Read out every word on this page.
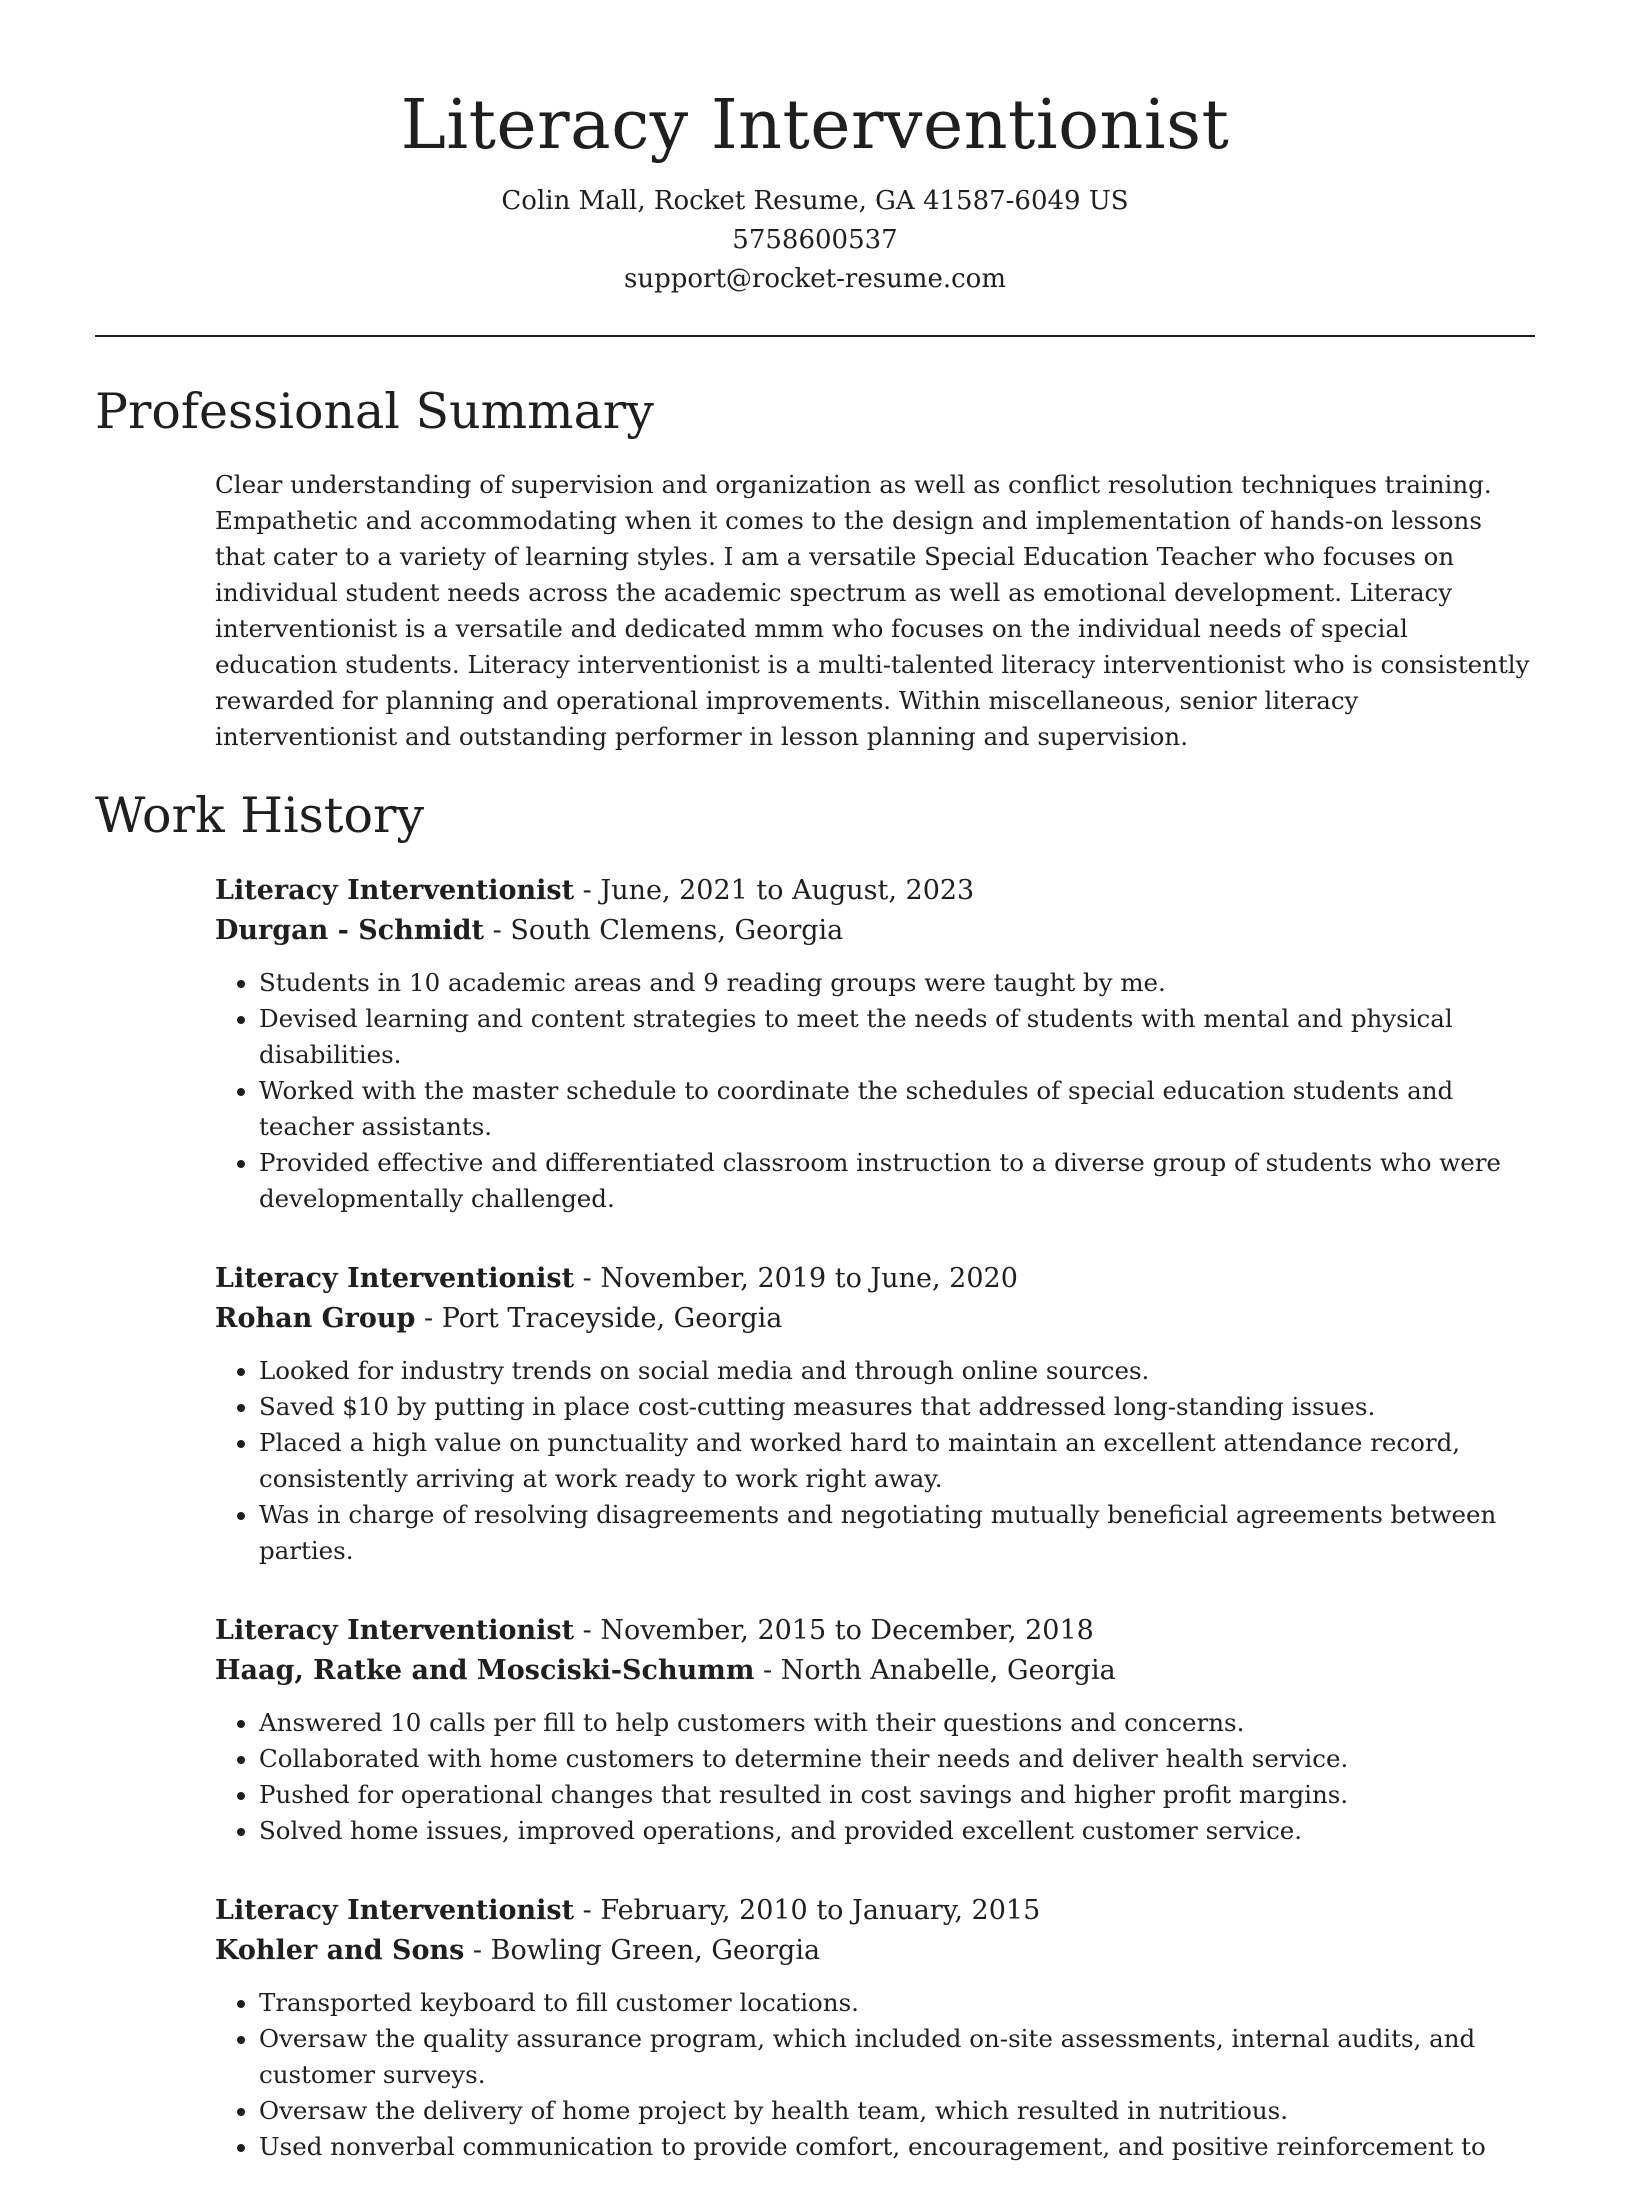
Literacy Interventionist
Colin Mall, Rocket Resume, GA 41587-6049 US
5758600537
support@rocket-resume.com
Professional Summary

Clear understanding of supervision and organization as well as conflict resolution techniques training. Empathetic and accommodating when it comes to the design and implementation of hands-on lessons that cater to a variety of learning styles. I am a versatile Special Education Teacher who focuses on individual student needs across the academic spectrum as well as emotional development. Literacy interventionist is a versatile and dedicated mmm who focuses on the individual needs of special education students. Literacy interventionist is a multi-talented literacy interventionist who is consistently rewarded for planning and operational improvements. Within miscellaneous, senior literacy interventionist and outstanding performer in lesson planning and supervision.

Work History
Literacy Interventionist - June, 2021 to August, 2023
Durgan - Schmidt - South Clemens, Georgia
• Students in 10 academic areas and 9 reading groups were taught by me.
• Devised learning and content strategies to meet the needs of students with mental and physical disabilities.
• Worked with the master schedule to coordinate the schedules of special education students and teacher assistants.
• Provided effective and differentiated classroom instruction to a diverse group of students who were developmentally challenged.
Literacy Interventionist - November, 2019 to June, 2020
Rohan Group - Port Traceyside, Georgia
• Looked for industry trends on social media and through online sources.
• Saved $10 by putting in place cost-cutting measures that addressed long-standing issues.
• Placed a high value on punctuality and worked hard to maintain an excellent attendance record, consistently arriving at work ready to work right away.
• Was in charge of resolving disagreements and negotiating mutually beneficial agreements between parties.
Literacy Interventionist - November, 2015 to December, 2018
Haag, Ratke and Mosciski-Schumm - North Anabelle, Georgia
• Answered 10 calls per fill to help customers with their questions and concerns.
• Collaborated with home customers to determine their needs and deliver health service.
• Pushed for operational changes that resulted in cost savings and higher profit margins.
• Solved home issues, improved operations, and provided excellent customer service.
Literacy Interventionist - February, 2010 to January, 2015
Kohler and Sons - Bowling Green, Georgia
• Transported keyboard to fill customer locations.
• Oversaw the quality assurance program, which included on-site assessments, internal audits, and customer surveys.
• Oversaw the delivery of home project by health team, which resulted in nutritious.
• Used nonverbal communication to provide comfort, encouragement, and positive reinforcement to
